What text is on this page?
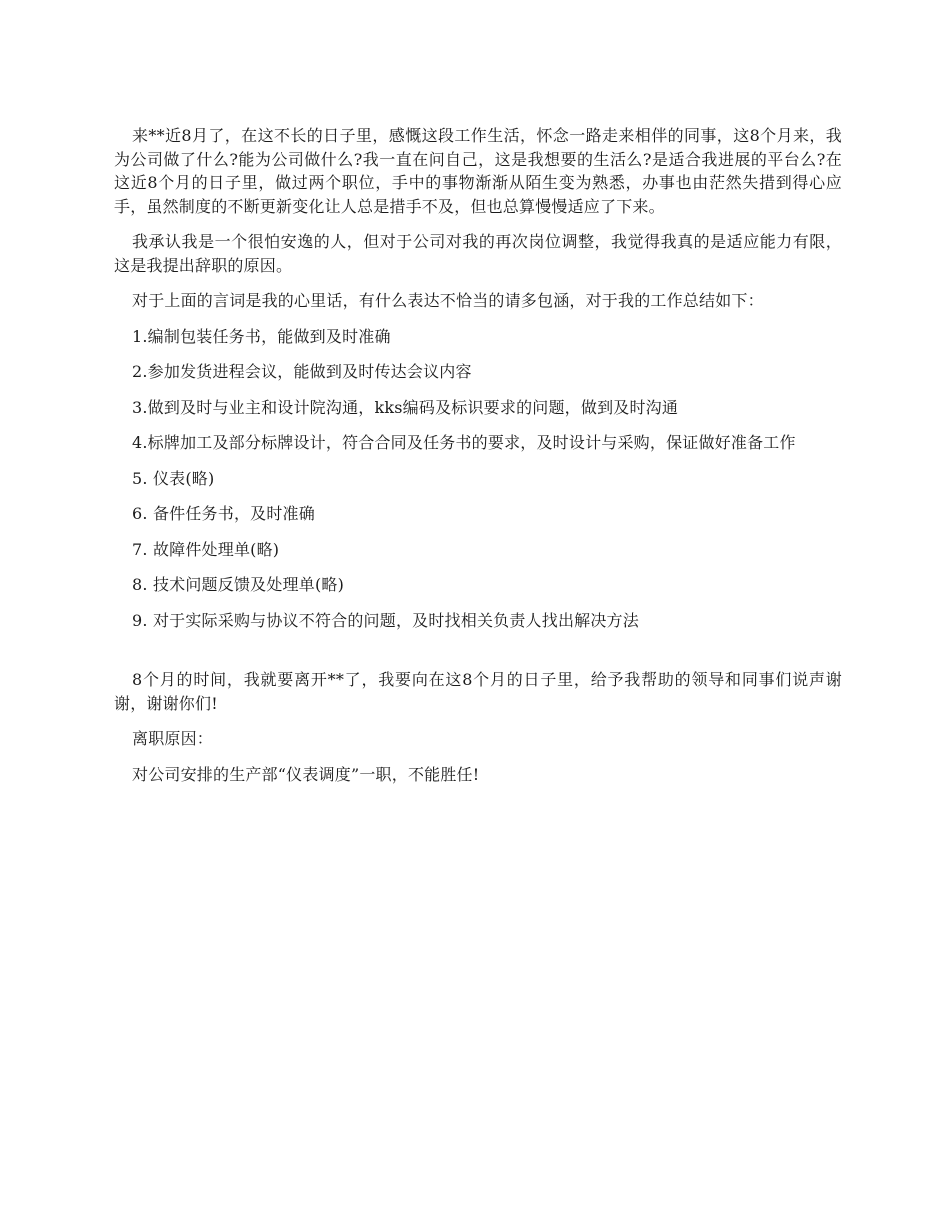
来**近8月了，在这不长的日子里，感慨这段工作生活，怀念一路走来相伴的同事，这8个月来，我为公司做了什么?能为公司做什么?我一直在问自己，这是我想要的生活么?是适合我进展的平台么?在这近8个月的日子里，做过两个职位，手中的事物渐渐从陌生变为熟悉，办事也由茫然失措到得心应手，虽然制度的不断更新变化让人总是措手不及，但也总算慢慢适应了下来。

我承认我是一个很怕安逸的人，但对于公司对我的再次岗位调整，我觉得我真的是适应能力有限，这是我提出辞职的原因。

对于上面的言词是我的心里话，有什么表达不恰当的请多包涵，对于我的工作总结如下：

1.编制包装任务书，能做到及时准确

2.参加发货进程会议，能做到及时传达会议内容

3.做到及时与业主和设计院沟通，kks编码及标识要求的问题，做到及时沟通

4.标牌加工及部分标牌设计，符合合同及任务书的要求，及时设计与采购，保证做好准备工作

5. 仪表(略)

6. 备件任务书，及时准确

7. 故障件处理单(略)

8. 技术问题反馈及处理单(略)

9. 对于实际采购与协议不符合的问题，及时找相关负责人找出解决方法

8个月的时间，我就要离开**了，我要向在这8个月的日子里，给予我帮助的领导和同事们说声谢谢，谢谢你们!

离职原因：

对公司安排的生产部“仪表调度”一职，不能胜任!
